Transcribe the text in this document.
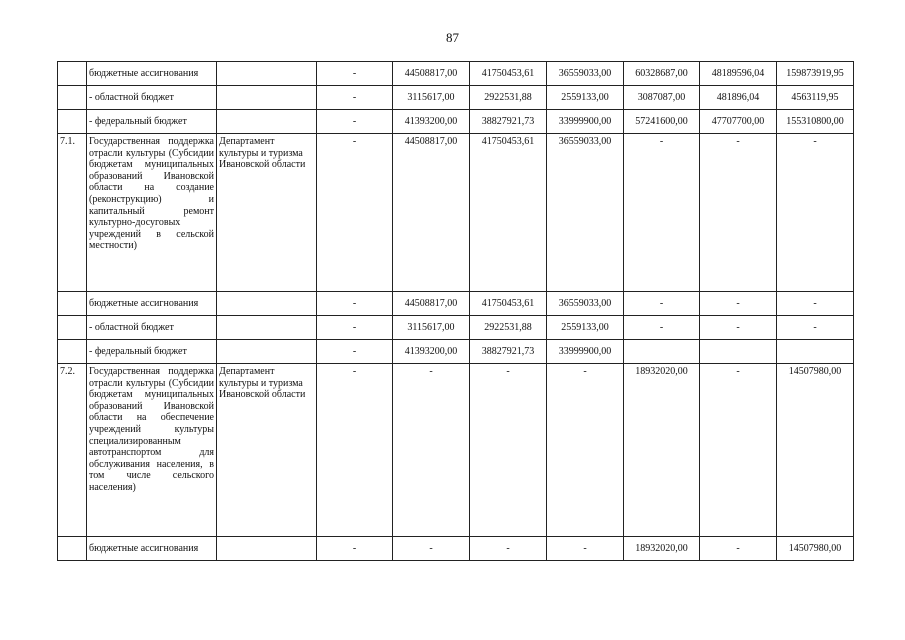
87
	бюджетные ассигнования		-	44508817,00	41750453,61	36559033,00	60328687,00	48189596,04	159873919,95
	- областной бюджет		-	3115617,00	2922531,88	2559133,00	3087087,00	481896,04	4563119,95
	- федеральный бюджет		-	41393200,00	38827921,73	33999900,00	57241600,00	47707700,00	155310800,00
7.1.	Государственная поддержка отрасли культуры (Субсидии бюджетам муниципальных образований Ивановской области на создание (реконструкцию) и капитальный ремонт культурно-досуговых учреждений в сельской местности)	Департамент культуры и туризма Ивановской области	-	44508817,00	41750453,61	36559033,00	-	-	-
	бюджетные ассигнования		-	44508817,00	41750453,61	36559033,00	-	-	-
	- областной бюджет		-	3115617,00	2922531,88	2559133,00	-	-	-
	- федеральный бюджет		-	41393200,00	38827921,73	33999900,00			
7.2.	Государственная поддержка отрасли культуры (Субсидии бюджетам муниципальных образований Ивановской области на обеспечение учреждений культуры специализированным автотранспортом для обслуживания населения, в том числе сельского населения)	Департамент культуры и туризма Ивановской области	-	-	-	-	18932020,00	-	14507980,00
	бюджетные ассигнования		-	-	-	-	18932020,00	-	14507980,00
